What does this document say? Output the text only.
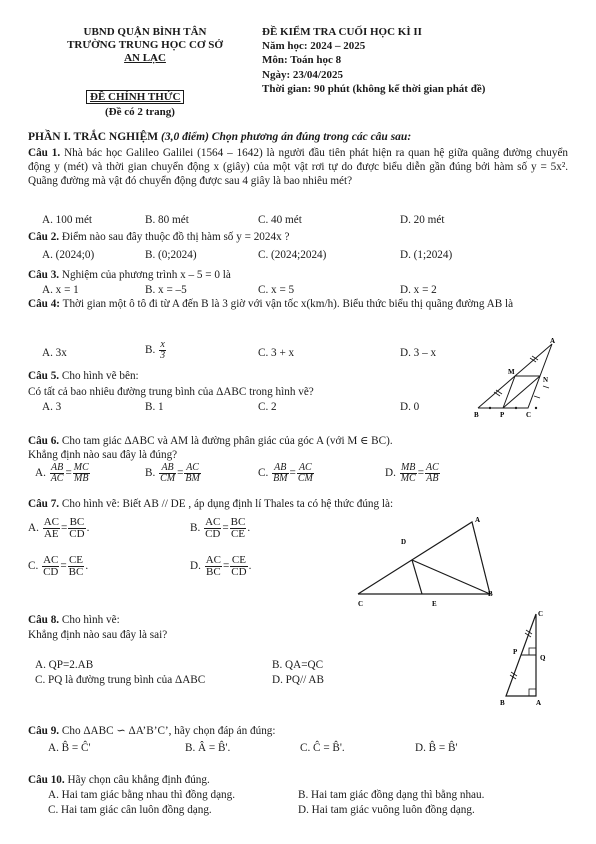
UBND QUẬN BÌNH TÂN
TRƯỜNG TRUNG HỌC CƠ SỞ
AN LẠC
ĐỀ CHÍNH THỨC
(Đề có 2 trang)
ĐỀ KIỂM TRA CUỐI HỌC KÌ II
Năm học: 2024 – 2025
Môn: Toán học 8
Ngày: 23/04/2025
Thời gian: 90 phút (không kể thời gian phát đề)
PHẦN I. TRẮC NGHIỆM (3,0 điểm) Chọn phương án đúng trong các câu sau:
Câu 1. Nhà bác học Galileo Galilei (1564 – 1642) là người đầu tiên phát hiện ra quan hệ giữa quãng đường chuyển động y (mét) và thời gian chuyển động x (giây) của một vật rơi tự do được biểu diễn gần đúng bởi hàm số y = 5x². Quãng đường mà vật đó chuyển động được sau 4 giây là bao nhiêu mét?
A. 100 mét	B. 80 mét	C. 40 mét	D. 20 mét
Câu 2. Điểm nào sau đây thuộc đồ thị hàm số y = 2024x ?
A. (2024;0)	B. (0;2024)	C. (2024;2024)	D. (1;2024)
Câu 3. Nghiệm của phương trình x – 5 = 0 là
A. x = 1	B. x = –5	C. x = 5	D. x = 2
Câu 4: Thời gian một ô tô đi từ A đến B là 3 giờ với vận tốc x(km/h). Biểu thức biểu thị quãng đường AB là
A. 3x	B. $\frac{x}{3}$	C. 3 + x	D. 3 – x
Câu 5. Cho hình vẽ bên:
Có tất cả bao nhiêu đường trung bình của ΔABC trong hình vẽ?
A. 3	B. 1	C. 2	D. 0
A
M
N
B	P	C
Câu 6. Cho tam giác ΔABC và AM là đường phân giác của góc A (với M ∈ BC).
Khẳng định nào sau đây là đúng?
A. $\frac{AB}{AC} = \frac{MC}{MB}$	B. $\frac{AB}{CM} = \frac{AC}{BM}$	C. $\frac{AB}{BM} = \frac{AC}{CM}$	D. $\frac{MB}{MC} = \frac{AC}{AB}$
Câu 7. Cho hình vẽ: Biết AB // DE , áp dụng định lí Thales ta có hệ thức đúng là:
A. $\frac{AC}{AE} = \frac{BC}{CD}$ .	B. $\frac{AC}{CD} = \frac{BC}{CE}$ .
C. $\frac{AC}{CD} = \frac{CE}{BC}$ .	D. $\frac{AC}{BC} = \frac{CE}{CD}$ .
A
D
C	E
B
Câu 8. Cho hình vẽ:
Khẳng định nào sau đây là sai?
A. QP=2.AB	B. QA=QC
C. PQ là đường trung bình của ΔABC	D. PQ// AB
C
P
Q
B	A
Câu 9. Cho ΔABC ∽ ΔA’B’C’, hãy chọn đáp án đúng:
A. B̂ = Ĉ'	B. Â = B̂'.	C. Ĉ = B̂'.	D. B̂ = B̂'
Câu 10. Hãy chọn câu khẳng định đúng.
A. Hai tam giác bằng nhau thì đồng dạng.	B. Hai tam giác đồng dạng thì bằng nhau.
C. Hai tam giác cân luôn đồng dạng.	D. Hai tam giác vuông luôn đồng dạng.
